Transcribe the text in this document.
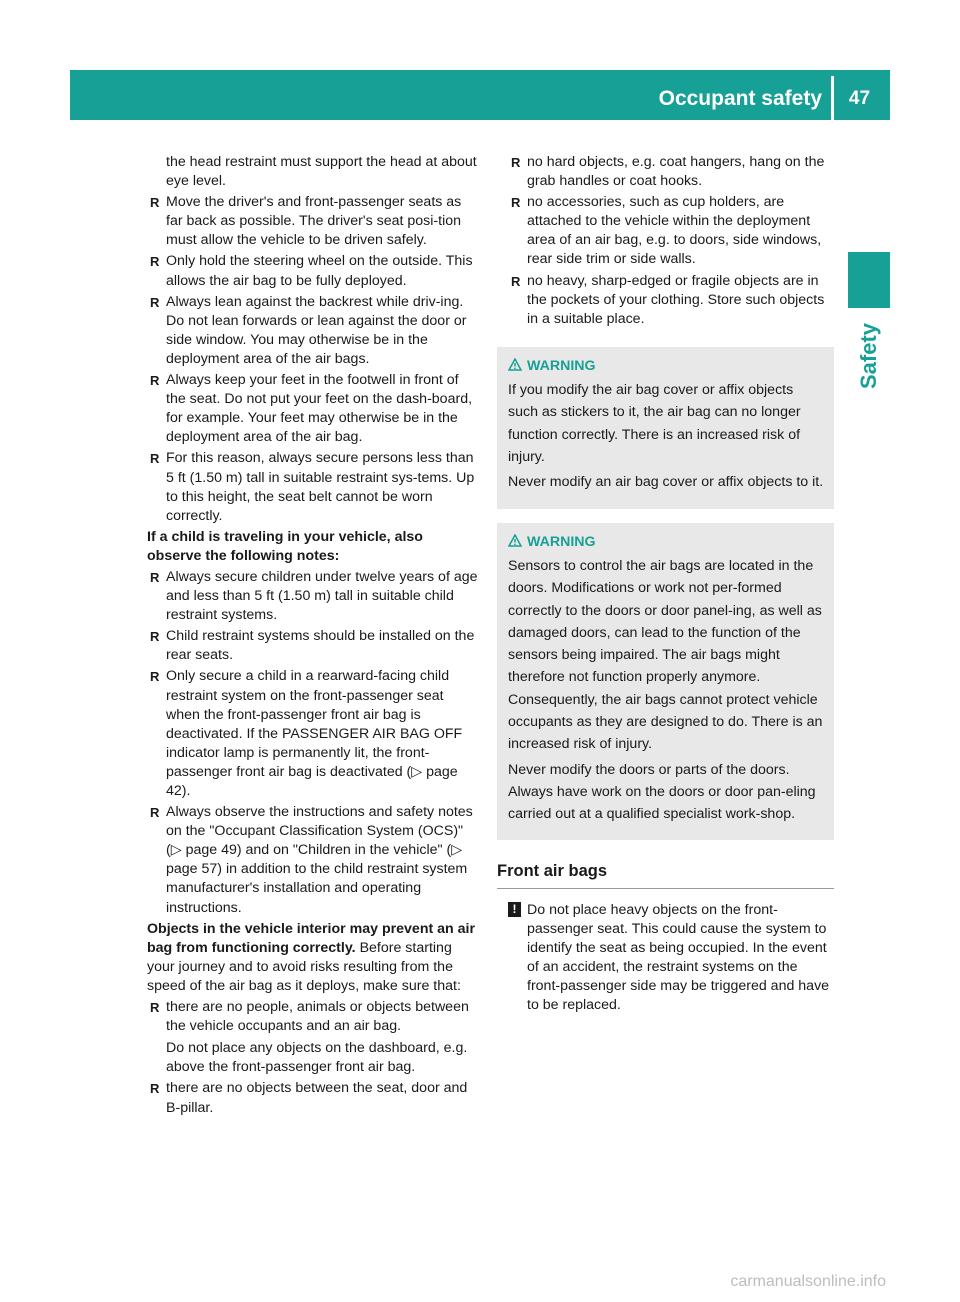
Occupant safety	47
Safety
the head restraint must support the head at about eye level.
R Move the driver's and front-passenger seats as far back as possible. The driver's seat posi-tion must allow the vehicle to be driven safely.
R Only hold the steering wheel on the outside. This allows the air bag to be fully deployed.
R Always lean against the backrest while driv-ing. Do not lean forwards or lean against the door or side window. You may otherwise be in the deployment area of the air bags.
R Always keep your feet in the footwell in front of the seat. Do not put your feet on the dash-board, for example. Your feet may otherwise be in the deployment area of the air bag.
R For this reason, always secure persons less than 5 ft (1.50 m) tall in suitable restraint sys-tems. Up to this height, the seat belt cannot be worn correctly.
If a child is traveling in your vehicle, also observe the following notes:
R Always secure children under twelve years of age and less than 5 ft (1.50 m) tall in suitable child restraint systems.
R Child restraint systems should be installed on the rear seats.
R Only secure a child in a rearward-facing child restraint system on the front-passenger seat when the front-passenger front air bag is deactivated. If the PASSENGER AIR BAG OFF indicator lamp is permanently lit, the front-passenger front air bag is deactivated (▷ page 42).
R Always observe the instructions and safety notes on the "Occupant Classification System (OCS)" (▷ page 49) and on "Children in the vehicle" (▷ page 57) in addition to the child restraint system manufacturer's installation and operating instructions.
Objects in the vehicle interior may prevent an air bag from functioning correctly. Before starting your journey and to avoid risks resulting from the speed of the air bag as it deploys, make sure that:
R there are no people, animals or objects between the vehicle occupants and an air bag.
Do not place any objects on the dashboard, e.g. above the front-passenger front air bag.
R there are no objects between the seat, door and B-pillar.
R no hard objects, e.g. coat hangers, hang on the grab handles or coat hooks.
R no accessories, such as cup holders, are attached to the vehicle within the deployment area of an air bag, e.g. to doors, side windows, rear side trim or side walls.
R no heavy, sharp-edged or fragile objects are in the pockets of your clothing. Store such objects in a suitable place.
WARNING

If you modify the air bag cover or affix objects such as stickers to it, the air bag can no longer function correctly. There is an increased risk of injury.

Never modify an air bag cover or affix objects to it.

WARNING

Sensors to control the air bags are located in the doors. Modifications or work not per-formed correctly to the doors or door panel-ing, as well as damaged doors, can lead to the function of the sensors being impaired. The air bags might therefore not function properly anymore. Consequently, the air bags cannot protect vehicle occupants as they are designed to do. There is an increased risk of injury.

Never modify the doors or parts of the doors. Always have work on the doors or door pan-eling carried out at a qualified specialist work-shop.

Front air bags
! Do not place heavy objects on the front-passenger seat. This could cause the system to identify the seat as being occupied. In the event of an accident, the restraint systems on the front-passenger side may be triggered and have to be replaced.
carmanualsonline.info
